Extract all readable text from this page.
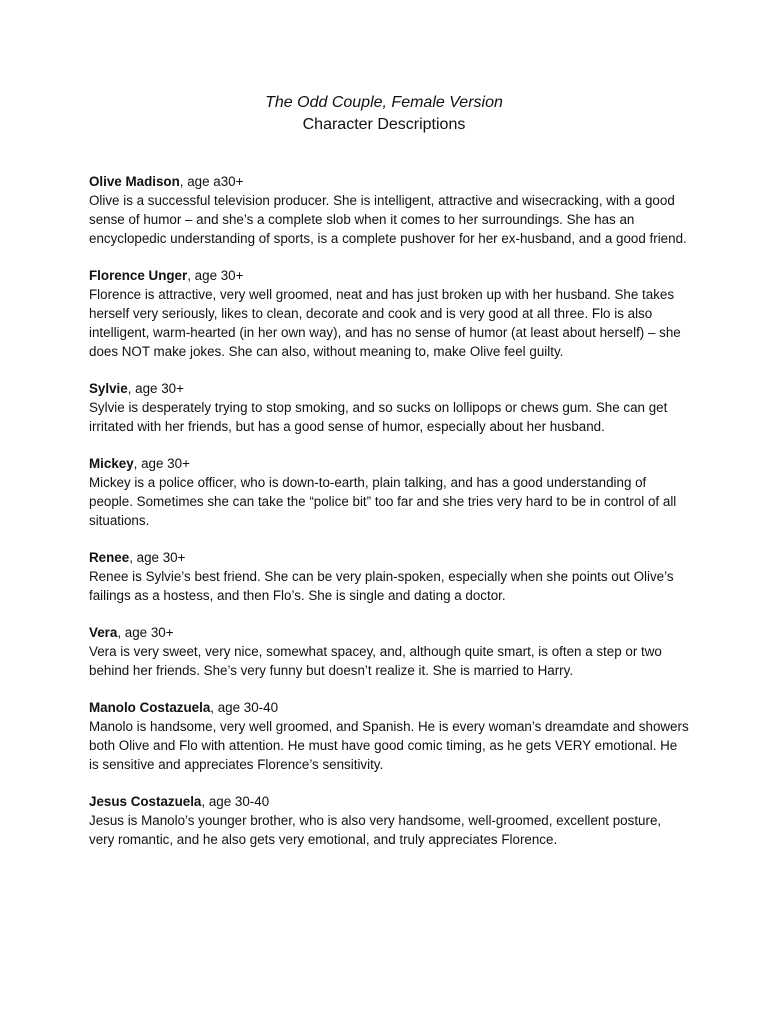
The Odd Couple, Female Version

Character Descriptions

Olive Madison, age a30+

Olive is a successful television producer. She is intelligent, attractive and wisecracking, with a good sense of humor – and she’s a complete slob when it comes to her surroundings. She has an encyclopedic understanding of sports, is a complete pushover for her ex-husband, and a good friend.

Florence Unger, age 30+

Florence is attractive, very well groomed, neat and has just broken up with her husband. She takes herself very seriously, likes to clean, decorate and cook and is very good at all three. Flo is also intelligent, warm-hearted (in her own way), and has no sense of humor (at least about herself) – she does NOT make jokes. She can also, without meaning to, make Olive feel guilty.

Sylvie, age 30+

Sylvie is desperately trying to stop smoking, and so sucks on lollipops or chews gum. She can get irritated with her friends, but has a good sense of humor, especially about her husband.

Mickey, age 30+

Mickey is a police officer, who is down-to-earth, plain talking, and has a good understanding of people. Sometimes she can take the “police bit” too far and she tries very hard to be in control of all situations.

Renee, age 30+

Renee is Sylvie’s best friend. She can be very plain-spoken, especially when she points out Olive’s failings as a hostess, and then Flo’s. She is single and dating a doctor.

Vera, age 30+

Vera is very sweet, very nice, somewhat spacey, and, although quite smart, is often a step or two behind her friends. She’s very funny but doesn’t realize it. She is married to Harry.

Manolo Costazuela, age 30-40

Manolo is handsome, very well groomed, and Spanish. He is every woman’s dreamdate and showers both Olive and Flo with attention. He must have good comic timing, as he gets VERY emotional. He is sensitive and appreciates Florence’s sensitivity.

Jesus Costazuela, age 30-40

Jesus is Manolo’s younger brother, who is also very handsome, well-groomed, excellent posture, very romantic, and he also gets very emotional, and truly appreciates Florence.
